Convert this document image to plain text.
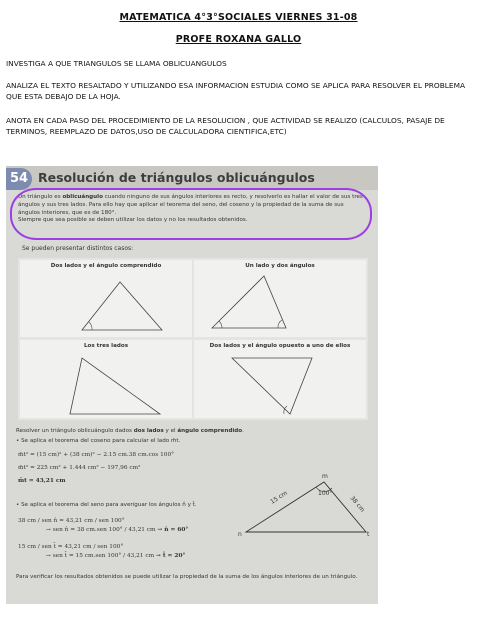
MATEMATICA 4°3°SOCIALES VIERNES 31-08
PROFE ROXANA GALLO
INVESTIGA A QUE TRIANGULOS SE LLAMA OBLICUANGULOS
ANALIZA EL TEXTO RESALTADO Y UTILIZANDO ESA INFORMACION ESTUDIA COMO SE APLICA PARA RESOLVER EL PROBLEMA QUE ESTA DEBAJO DE LA HOJA.
ANOTA EN CADA PASO DEL PROCEDIMIENTO DE LA RESOLUCION , QUE ACTIVIDAD SE REALIZO (CALCULOS, PASAJE DE TERMINOS, REEMPLAZO DE DATOS,USO DE CALCULADORA CIENTIFICA,ETC)
54 Resolución de triángulos oblicuángulos
Un triángulo es oblicuángulo cuando ninguno de sus ángulos interiores es recto, y resolverlo es hallar el valor de sus tres ángulos y sus tres lados. Para ello hay que aplicar el teorema del seno, del coseno y la propiedad de la suma de sus ángulos interiores, que es de 180°.
Siempre que sea posible se deben utilizar los datos y no los resultados obtenidos.
Se pueden presentar distintos casos:
Dos lados y el ángulo comprendido	Un lado y dos ángulos
Los tres lados	Dos lados y el ángulo opuesto a uno de ellos
Resolver un triángulo oblicuángulo dados dos lados y el ángulo comprendido.
• Se aplica el teorema del coseno para calcular el lado m̄t.
m̄t² = (15 cm)² + (38 cm)² − 2.15 cm.38 cm.cos 100°
m̄t² = 225 cm² + 1.444 cm² − 197,96 cm²
m̄t = 43,21 cm
• Se aplica el teorema del seno para averiguar los ángulos n̂ y t̂.
38 cm / sen n̂ = 43,21 cm / sen 100°
→ sen n̂ = 38 cm.sen 100° / 43,21 cm → n̂ = 60°
15 cm / sen t̂ = 43,21 cm / sen 100°
→ sen t̂ = 15 cm.sen 100° / 43,21 cm → t̂ = 20°
Para verificar los resultados obtenidos se puede utilizar la propiedad de la suma de los ángulos interiores de un triángulo.
100°
15 cm	38 cm
n	t
m
